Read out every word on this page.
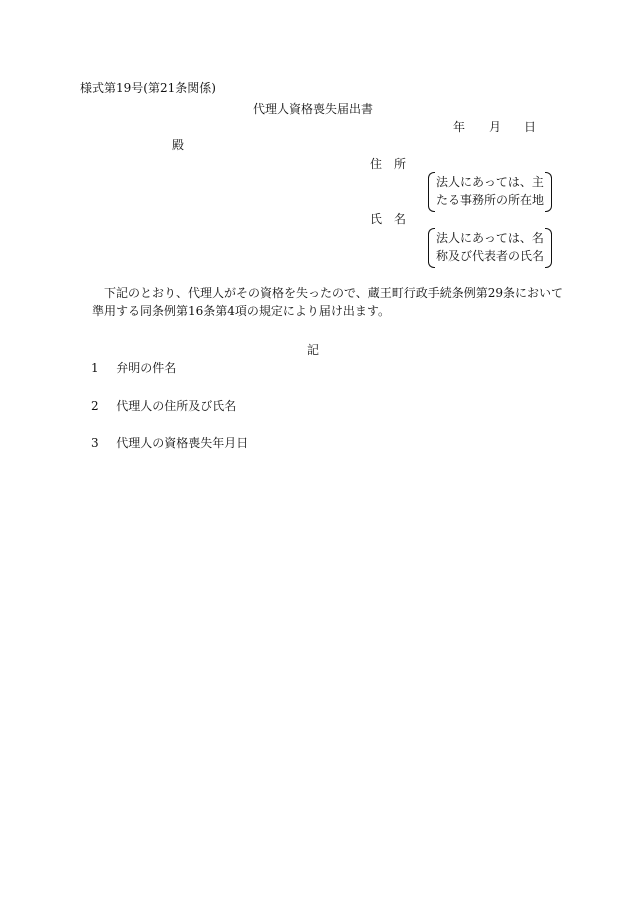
様式第19号(第21条関係)
代理人資格喪失届出書
年 月 日
殿
住　所
法人にあっては、主
たる事務所の所在地
氏　名
法人にあっては、名
称及び代表者の氏名
下記のとおり、代理人がその資格を失ったので、蔵王町行政手続条例第29条において
準用する同条例第16条第4項の規定により届け出ます。
記
1 弁明の件名
2 代理人の住所及び氏名
3 代理人の資格喪失年月日
